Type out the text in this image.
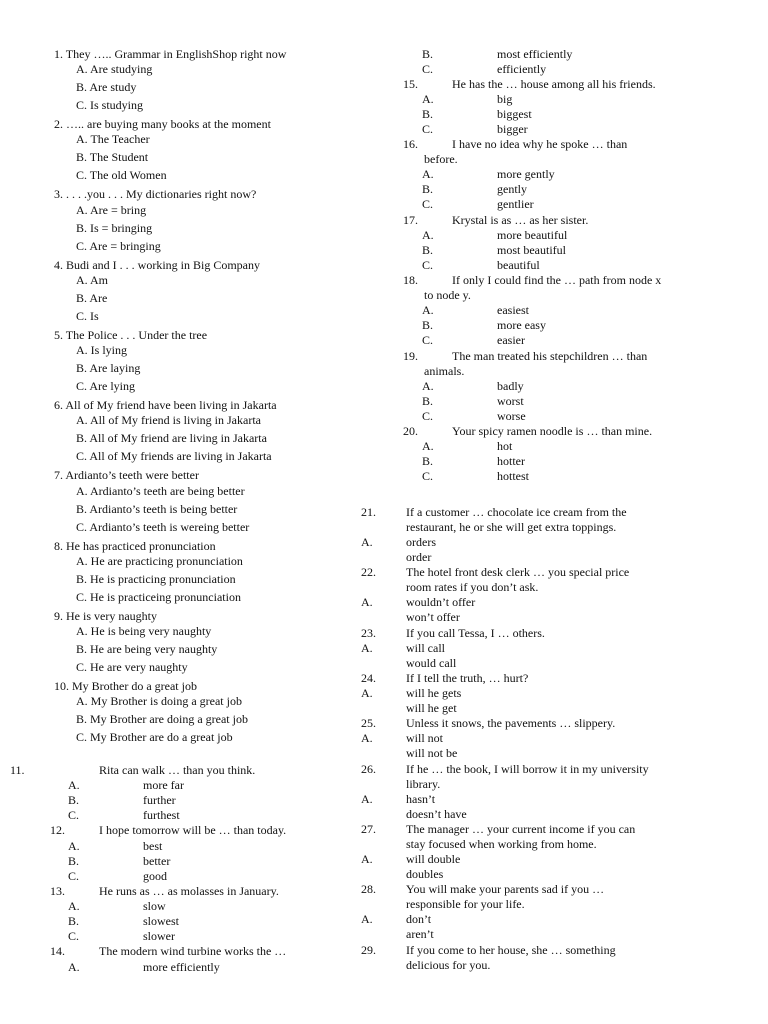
1. They ….. Grammar in EnglishShop right now
A. Are studying
B. Are study
C. Is studying
2. ….. are buying many books at the moment
A. The Teacher
B. The Student
C. The old Women
3. . . . .you . . . My dictionaries right now?
A. Are = bring
B. Is = bringing
C. Are = bringing
4. Budi and I . . . working in Big Company
A. Am
B. Are
C. Is
5. The Police . . . Under the tree
A. Is lying
B. Are laying
C. Are lying
6. All of My friend have been living in Jakarta
A. All of My friend is living in Jakarta
B. All of My friend are living in Jakarta
C. All of My friends are living in Jakarta
7. Ardianto’s teeth were better
A. Ardianto’s teeth are being better
B. Ardianto’s teeth is being better
C. Ardianto’s teeth is wereing better
8. He has practiced pronunciation
A. He are practicing pronunciation
B. He is practicing pronunciation
C. He is practiceing pronunciation
9. He is very naughty
A. He is being very naughty
B. He are being very naughty
C. He are very naughty
10. My Brother do a great job
A. My Brother is doing a great job
B. My Brother are doing a great job
C. My Brother are do a great job
11.	Rita can walk … than you think.
A.	more far
B.	further
C.	furthest
12.	I hope tomorrow will be … than today.
A.	best
B.	better
C.	good
13.	He runs as … as molasses in January.
A.	slow
B.	slowest
C.	slower
14.	The modern wind turbine works the …
A.	more efficiently
B.	most efficiently
C.	efficiently
15.	He has the … house among all his friends.
A.	big
B.	biggest
C.	bigger
16.	I have no idea why he spoke … than
before.
A.	more gently
B.	gently
C.	gentlier
17.	Krystal is as … as her sister.
A.	more beautiful
B.	most beautiful
C.	beautiful
18.	If only I could find the … path from node x
to node y.
A.	easiest
B.	more easy
C.	easier
19.	The man treated his stepchildren … than
animals.
A.	badly
B.	worst
C.	worse
20.	Your spicy ramen noodle is … than mine.
A.	hot
B.	hotter
C.	hottest
21.	If a customer … chocolate ice cream from the
restaurant, he or she will get extra toppings.
A.	orders
order
22.	The hotel front desk clerk … you special price
room rates if you don’t ask.
A.	wouldn’t offer
won’t offer
23.	If you call Tessa, I … others.
A.	will call
would call
24.	If I tell the truth, … hurt?
A.	will he gets
will he get
25.	Unless it snows, the pavements … slippery.
A.	will not
will not be
26.	If he … the book, I will borrow it in my university
library.
A.	hasn’t
doesn’t have
27.	The manager … your current income if you can
stay focused when working from home.
A.	will double
doubles
28.	You will make your parents sad if you …
responsible for your life.
A.	don’t
aren’t
29.	If you come to her house, she … something
delicious for you.
